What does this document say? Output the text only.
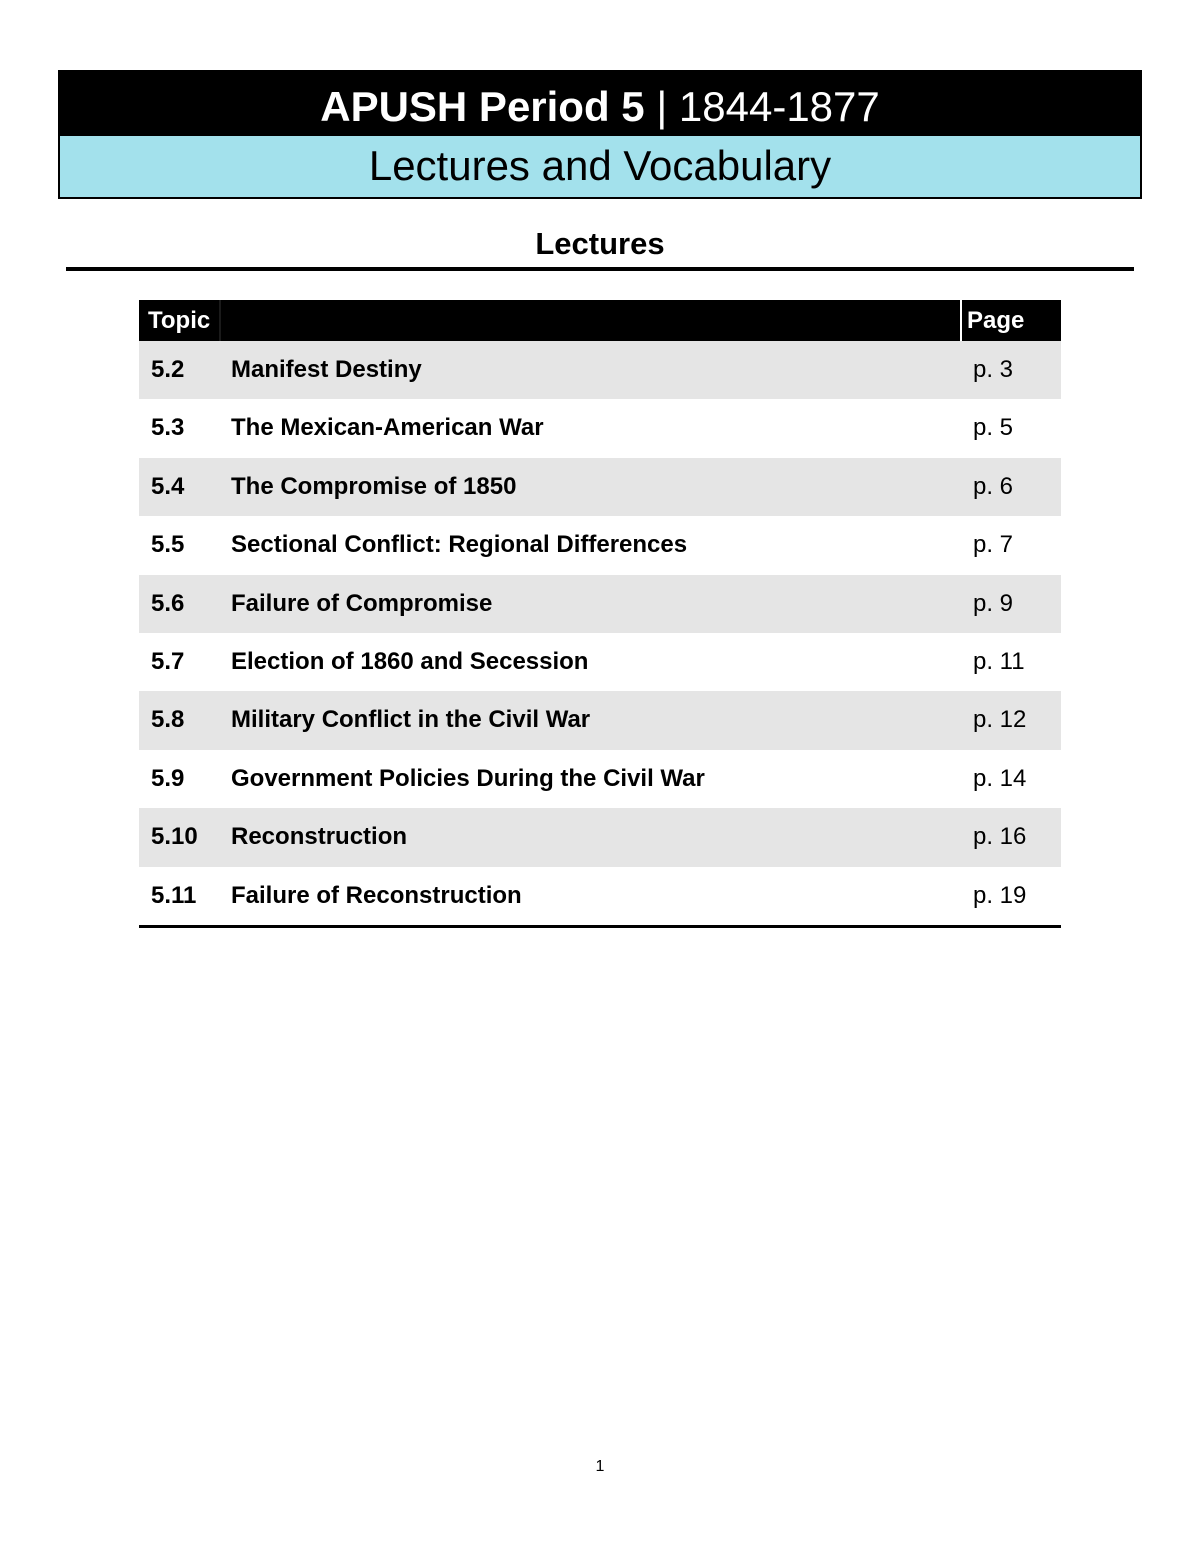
APUSH Period 5 | 1844-1877
Lectures and Vocabulary
Lectures
Topic	Page
5.2 Manifest Destiny	p. 3
5.3 The Mexican-American War	p. 5
5.4 The Compromise of 1850	p. 6
5.5 Sectional Conflict: Regional Differences	p. 7
5.6 Failure of Compromise	p. 9
5.7 Election of 1860 and Secession	p. 11
5.8 Military Conflict in the Civil War	p. 12
5.9 Government Policies During the Civil War	p. 14
5.10 Reconstruction	p. 16
5.11 Failure of Reconstruction	p. 19
1
